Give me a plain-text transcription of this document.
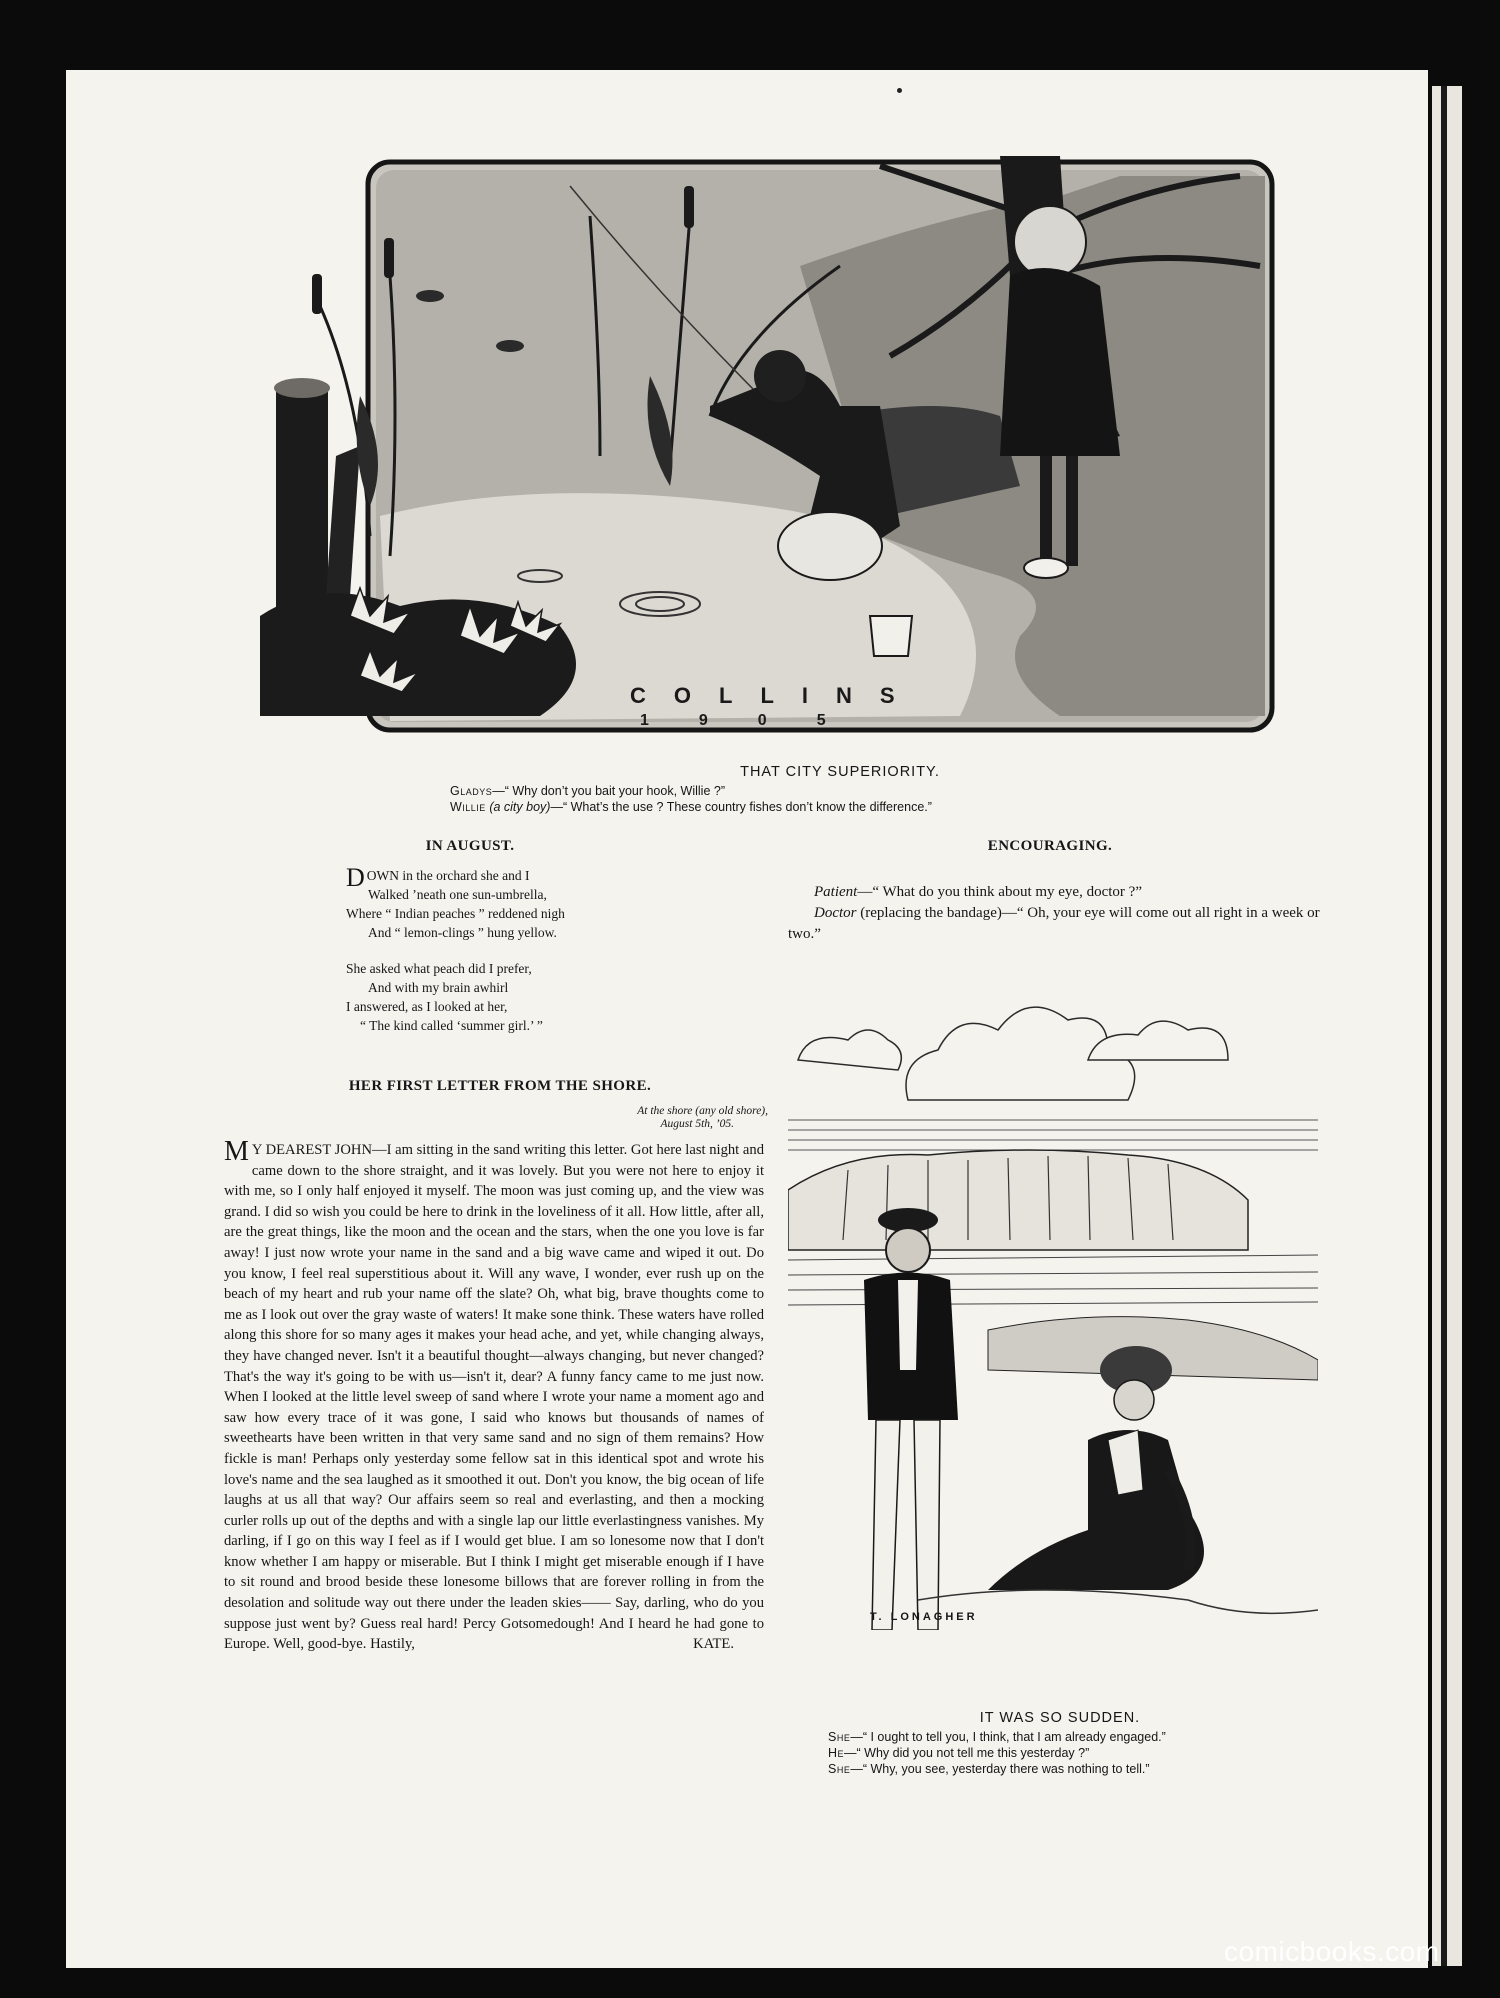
COLLINS
1905
THAT CITY SUPERIORITY.
Gladys—“ Why don’t you bait your hook, Willie ?”
Willie (a city boy)—“ What’s the use ? These country fishes don’t know the difference.”
IN AUGUST.
D OWN in the orchard she and I
Walked ’neath one sun-umbrella,
Where “ Indian peaches ” reddened nigh
And “ lemon-clings ” hung yellow.
She asked what peach did I prefer,
And with my brain awhirl
I answered, as I looked at her,
“ The kind called ‘summer girl.’ ”
ENCOURAGING.
Patient—“ What do you think about my eye, doctor ?”
Doctor (replacing the bandage)—“ Oh, your eye will come out all right in a week or two.”
HER FIRST LETTER FROM THE SHORE.
At the shore (any old shore),
August 5th, ’05.
M Y DEAREST JOHN—I am sitting in the sand writing this letter. Got here last night and came down to the shore straight, and it was lovely. But you were not here to enjoy it with me, so I only half enjoyed it myself. The moon was just coming up, and the view was grand. I did so wish you could be here to drink in the loveliness of it all. How little, after all, are the great things, like the moon and the ocean and the stars, when the one you love is far away! I just now wrote your name in the sand and a big wave came and wiped it out. Do you know, I feel real superstitious about it. Will any wave, I wonder, ever rush up on the beach of my heart and rub your name off the slate? Oh, what big, brave thoughts come to me as I look out over the gray waste of waters! It make sone think. These waters have rolled along this shore for so many ages it makes your head ache, and yet, while changing always, they have changed never. Isn't it a beautiful thought—always changing, but never changed? That's the way it's going to be with us—isn't it, dear? A funny fancy came to me just now. When I looked at the little level sweep of sand where I wrote your name a moment ago and saw how every trace of it was gone, I said who knows but thousands of names of sweethearts have been written in that very same sand and no sign of them remains? How fickle is man! Perhaps only yesterday some fellow sat in this identical spot and wrote his love's name and the sea laughed as it smoothed it out. Don't you know, the big ocean of life laughs at us all that way? Our affairs seem so real and everlasting, and then a mocking curler rolls up out of the depths and with a single lap our little everlastingness vanishes. My darling, if I go on this way I feel as if I would get blue. I am so lonesome now that I don't know whether I am happy or miserable. But I think I might get miserable enough if I have to sit round and brood beside these lonesome billows that are forever rolling in from the desolation and solitude way out there under the leaden skies—— Say, darling, who do you suppose just went by? Guess real hard! Percy Gotsomedough! And I heard he had gone to Europe. Well, good-bye. Hastily,	KATE.
T. LONAGHER
IT WAS SO SUDDEN.
She—“ I ought to tell you, I think, that I am already engaged.”
He—“ Why did you not tell me this yesterday ?”
She—“ Why, you see, yesterday there was nothing to tell.”
comicbooks.com
